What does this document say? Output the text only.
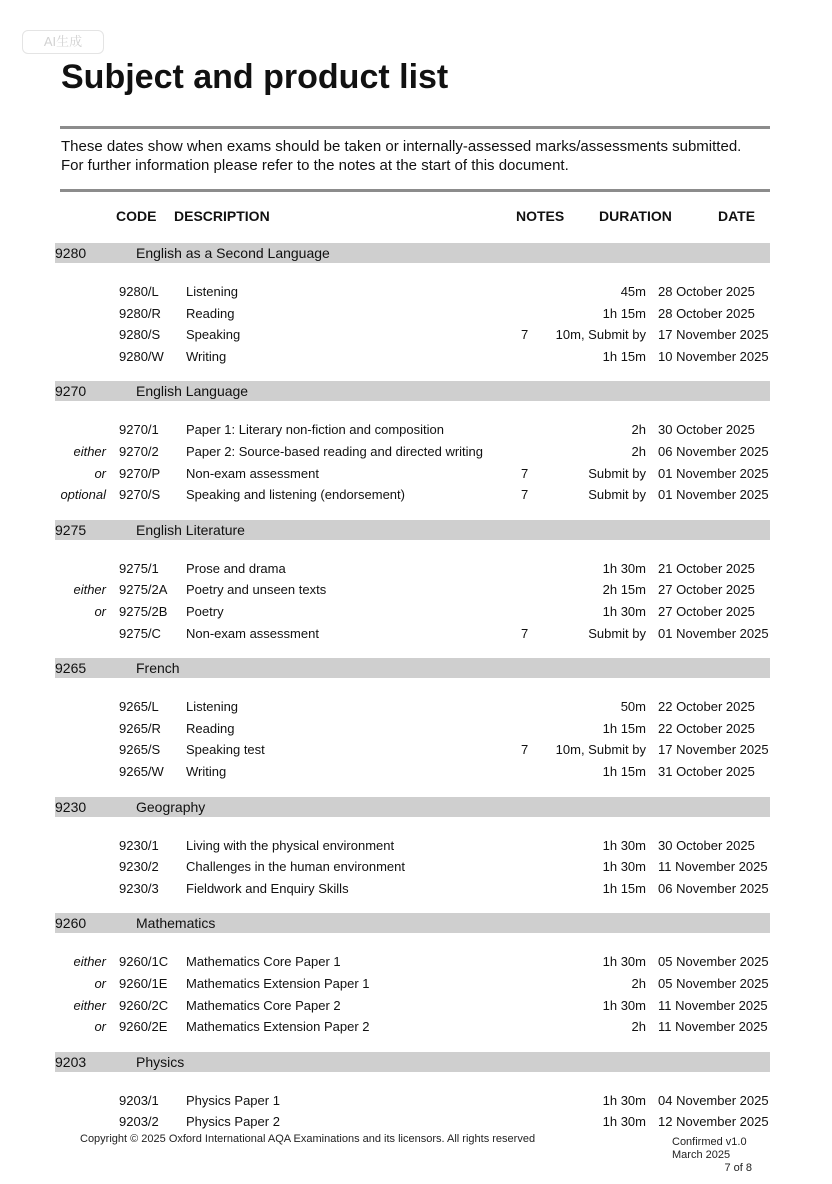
AI生成
Subject and product list
These dates show when exams should be taken or internally-assessed marks/assessments submitted. For further information please refer to the notes at the start of this document.
CODE DESCRIPTION	NOTES DURATION	DATE
9280	English as a Second Language
9280/L Listening	45m 28 October 2025
9280/R Reading	1h 15m 28 October 2025
9280/S Speaking	7 10m, Submit by 17 November 2025
9280/W Writing	1h 15m 10 November 2025
9270	English Language
9270/1 Paper 1: Literary non-fiction and composition	2h 30 October 2025
either 9270/2 Paper 2: Source-based reading and directed writing	2h 06 November 2025
or 9270/P Non-exam assessment	7	Submit by 01 November 2025
optional 9270/S Speaking and listening (endorsement)	7	Submit by 01 November 2025
9275	English Literature
9275/1 Prose and drama	1h 30m 21 October 2025
either 9275/2A Poetry and unseen texts	2h 15m 27 October 2025
or 9275/2B Poetry	1h 30m 27 October 2025
9275/C Non-exam assessment	7	Submit by 01 November 2025
9265	French
9265/L Listening	50m 22 October 2025
9265/R Reading	1h 15m 22 October 2025
9265/S Speaking test	7 10m, Submit by 17 November 2025
9265/W Writing	1h 15m 31 October 2025
9230	Geography
9230/1 Living with the physical environment	1h 30m 30 October 2025
9230/2 Challenges in the human environment	1h 30m 11 November 2025
9230/3 Fieldwork and Enquiry Skills	1h 15m 06 November 2025
9260	Mathematics
either 9260/1C Mathematics Core Paper 1	1h 30m 05 November 2025
or 9260/1E Mathematics Extension Paper 1	2h 05 November 2025
either 9260/2C Mathematics Core Paper 2	1h 30m 11 November 2025
or 9260/2E Mathematics Extension Paper 2	2h 11 November 2025
9203	Physics
9203/1 Physics Paper 1	1h 30m 04 November 2025
9203/2 Physics Paper 2	1h 30m 12 November 2025
Copyright © 2025 Oxford International AQA Examinations and its licensors. All rights reserved	Confirmed v1.0
March 2025
7 of 8
